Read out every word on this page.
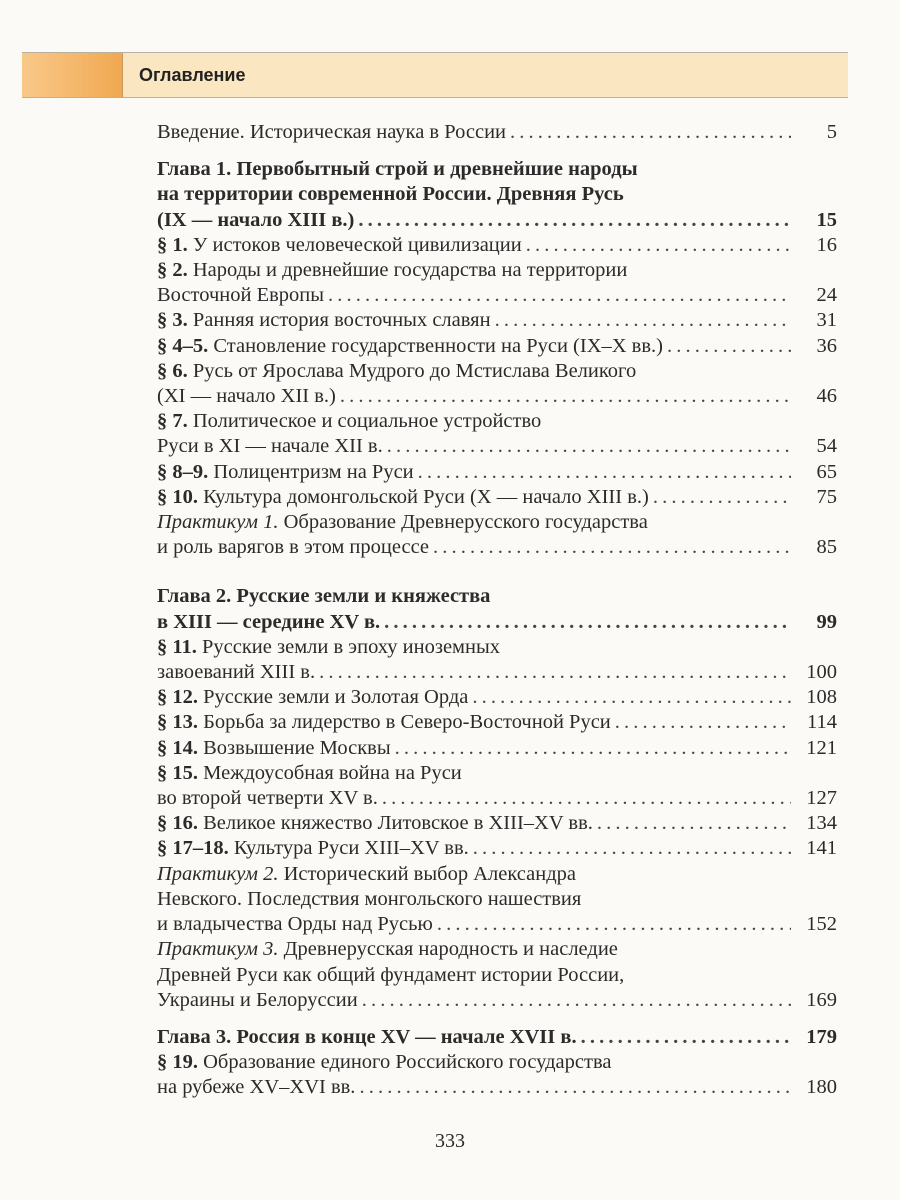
Оглавление
Введение. Историческая наука в России . . .	5
Глава 1. Первобытный строй и древнейшие народы
на территории современной России. Древняя Русь
(IX — начало XIII в.) . . .	15
§ 1. У истоков человеческой цивилизации . . .	16
§ 2. Народы и древнейшие государства на территории
Восточной Европы . . .	24
§ 3. Ранняя история восточных славян . . .	31
§ 4–5. Становление государственности на Руси (IX–X вв.) . . .	36
§ 6. Русь от Ярослава Мудрого до Мстислава Великого
(XI — начало XII в.) . . .	46
§ 7. Политическое и социальное устройство
Руси в XI — начале XII в. . . .	54
§ 8–9. Полицентризм на Руси . . .	65
§ 10. Культура домонгольской Руси (X — начало XIII в.) . . .	75
Практикум 1. Образование Древнерусского государства
и роль варягов в этом процессе . . .	85
Глава 2. Русские земли и княжества
в XIII — середине XV в. . . .	99
§ 11. Русские земли в эпоху иноземных
завоеваний XIII в. . . .	100
§ 12. Русские земли и Золотая Орда . . .	108
§ 13. Борьба за лидерство в Северо-Восточной Руси . . .	114
§ 14. Возвышение Москвы . . .	121
§ 15. Междоусобная война на Руси
во второй четверти XV в. . . .	127
§ 16. Великое княжество Литовское в XIII–XV вв. . . .	134
§ 17–18. Культура Руси XIII–XV вв. . . .	141
Практикум 2. Исторический выбор Александра
Невского. Последствия монгольского нашествия
и владычества Орды над Русью . . .	152
Практикум 3. Древнерусская народность и наследие
Древней Руси как общий фундамент истории России,
Украины и Белоруссии . . .	169
Глава 3. Россия в конце XV — начале XVII в. . . .	179
§ 19. Образование единого Российского государства
на рубеже XV–XVI вв. . . .	180
333
